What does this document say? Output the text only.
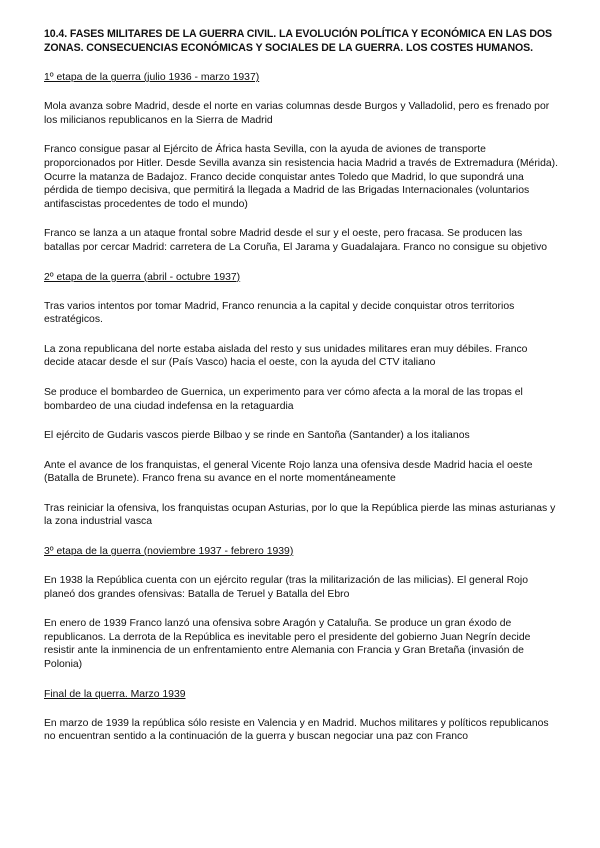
10.4. FASES MILITARES DE LA GUERRA CIVIL. LA EVOLUCIÓN POLÍTICA Y ECONÓMICA EN LAS DOS ZONAS. CONSECUENCIAS ECONÓMICAS Y SOCIALES DE LA GUERRA. LOS COSTES HUMANOS.
1º etapa de la guerra (julio 1936 - marzo 1937)

Mola avanza sobre Madrid, desde el norte en varias columnas desde Burgos y Valladolid, pero es frenado por los milicianos republicanos en la Sierra de Madrid

Franco consigue pasar al Ejército de África hasta Sevilla, con la ayuda de aviones de transporte proporcionados por Hitler. Desde Sevilla avanza sin resistencia hacia Madrid a través de Extremadura (Mérida). Ocurre la matanza de Badajoz. Franco decide conquistar antes Toledo que Madrid, lo que supondrá una pérdida de tiempo decisiva, que permitirá la llegada a Madrid de las Brigadas Internacionales (voluntarios antifascistas procedentes de todo el mundo)

Franco se lanza a un ataque frontal sobre Madrid desde el sur y el oeste, pero fracasa. Se producen las batallas por cercar Madrid: carretera de La Coruña, El Jarama y Guadalajara. Franco no consigue su objetivo

2º etapa de la guerra (abril - octubre 1937)

Tras varios intentos por tomar Madrid, Franco renuncia a la capital y decide conquistar otros territorios estratégicos.

La zona republicana del norte estaba aislada del resto y sus unidades militares eran muy débiles. Franco decide atacar desde el sur (País Vasco) hacia el oeste, con la ayuda del CTV italiano

Se produce el bombardeo de Guernica, un experimento para ver cómo afecta a la moral de las tropas el bombardeo de una ciudad indefensa en la retaguardia

El ejército de Gudaris vascos pierde Bilbao y se rinde en Santoña (Santander) a los italianos

Ante el avance de los franquistas, el general Vicente Rojo lanza una ofensiva desde Madrid hacia el oeste (Batalla de Brunete). Franco frena su avance en el norte momentáneamente

Tras reiniciar la ofensiva, los franquistas ocupan Asturias, por lo que la República pierde las minas asturianas y la zona industrial vasca

3º etapa de la guerra (noviembre 1937 - febrero 1939)

En 1938 la República cuenta con un ejército regular (tras la militarización de las milicias). El general Rojo planeó dos grandes ofensivas: Batalla de Teruel y Batalla del Ebro

En enero de 1939 Franco lanzó una ofensiva sobre Aragón y Cataluña. Se produce un gran éxodo de republicanos. La derrota de la República es inevitable pero el presidente del gobierno Juan Negrín decide resistir ante la inminencia de un enfrentamiento entre Alemania con Francia y Gran Bretaña (invasión de Polonia)

Final de la querra. Marzo 1939

En marzo de 1939 la república sólo resiste en Valencia y en Madrid. Muchos militares y políticos republicanos no encuentran sentido a la continuación de la guerra y buscan negociar una paz con Franco
